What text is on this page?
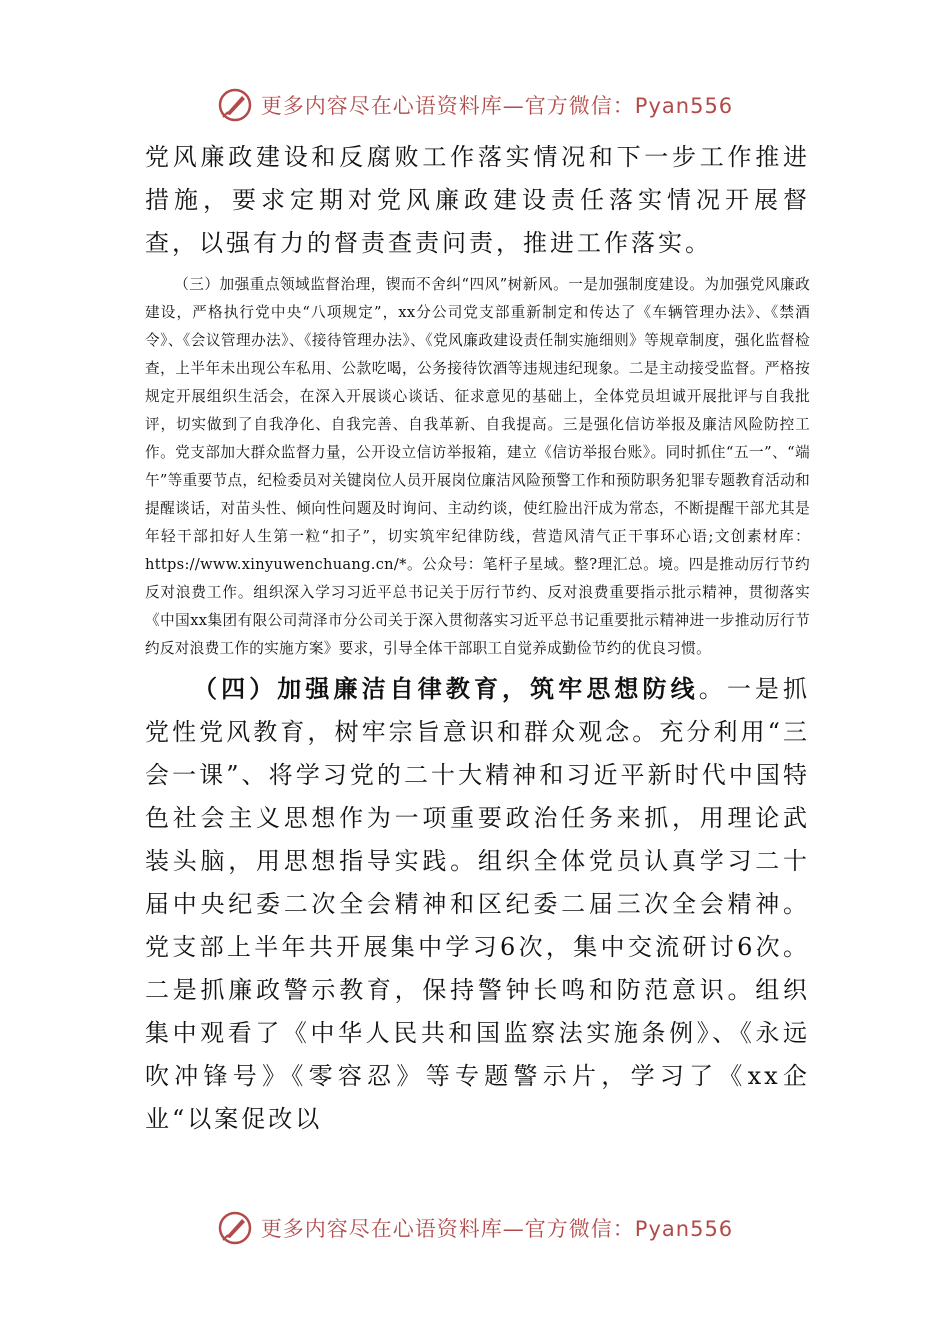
更多内容尽在心语资料库—官方微信：Pyan556

党风廉政建设和反腐败工作落实情况和下一步工作推进措施，要求定期对党风廉政建设责任落实情况开展督查，以强有力的督责查责问责，推进工作落实。

（三）加强重点领域监督治理，锲而不舍纠“四风”树新风。一是加强制度建设。为加强党风廉政建设，严格执行党中央“八项规定”，xx分公司党支部重新制定和传达了《车辆管理办法》、《禁酒令》、《会议管理办法》、《接待管理办法》、《党风廉政建设责任制实施细则》等规章制度，强化监督检查，上半年未出现公车私用、公款吃喝，公务接待饮酒等违规违纪现象。二是主动接受监督。严格按规定开展组织生活会，在深入开展谈心谈话、征求意见的基础上，全体党员坦诚开展批评与自我批评，切实做到了自我净化、自我完善、自我革新、自我提高。三是强化信访举报及廉洁风险防控工作。党支部加大群众监督力量，公开设立信访举报箱，建立《信访举报台账》。同时抓住“五一”、“端午”等重要节点，纪检委员对关键岗位人员开展岗位廉洁风险预警工作和预防职务犯罪专题教育活动和提醒谈话，对苗头性、倾向性问题及时询问、主动约谈，使红脸出汗成为常态，不断提醒干部尤其是年轻干部扣好人生第一粒“扣子”，切实筑牢纪律防线，营造风清气正干事环心语;文创素材库：https://www.xinyuwenchuang.cn/*。公众号：笔杆子星域。整?理汇总。境。四是推动厉行节约反对浪费工作。组织深入学习习近平总书记关于厉行节约、反对浪费重要指示批示精神，贯彻落实《中国xx集团有限公司菏泽市分公司关于深入贯彻落实习近平总书记重要批示精神进一步推动厉行节约反对浪费工作的实施方案》要求，引导全体干部职工自觉养成勤俭节约的优良习惯。

（四）加强廉洁自律教育，筑牢思想防线。一是抓党性党风教育，树牢宗旨意识和群众观念。充分利用“三会一课”、将学习党的二十大精神和习近平新时代中国特色社会主义思想作为一项重要政治任务来抓，用理论武装头脑，用思想指导实践。组织全体党员认真学习二十届中央纪委二次全会精神和区纪委二届三次全会精神。党支部上半年共开展集中学习6次，集中交流研讨6次。二是抓廉政警示教育，保持警钟长鸣和防范意识。组织集中观看了《中华人民共和国监察法实施条例》、《永远吹冲锋号》《零容忍》等专题警示片，学习了《xx企业“以案促改以

更多内容尽在心语资料库—官方微信：Pyan556
